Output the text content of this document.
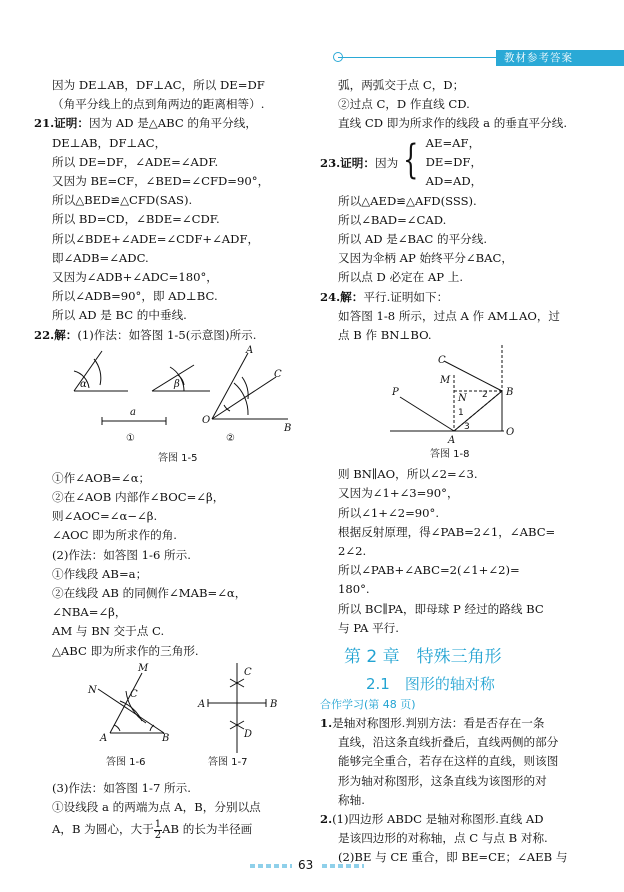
教材参考答案
因为 DE⊥AB，DF⊥AC，所以 DE=DF
（角平分线上的点到角两边的距离相等）.
21.证明：因为 AD 是△ABC 的角平分线，
DE⊥AB，DF⊥AC，
所以 DE=DF，∠ADE=∠ADF.
又因为 BE=CF，∠BED=∠CFD=90°，
所以△BED≌△CFD(SAS).
所以 BD=CD，∠BDE=∠CDF.
所以∠BDE+∠ADE=∠CDF+∠ADF，
即∠ADB=∠ADC.
又因为∠ADB+∠ADC=180°，
所以∠ADB=90°，即 AD⊥BC.
所以 AD 是 BC 的中垂线.
22.解：(1)作法：如答图 1-5(示意图)所示.
α	β
a
A
C
O
B
①	②
答图 1-5
①作∠AOB=∠α；
②在∠AOB 内部作∠BOC=∠β，
则∠AOC=∠α−∠β.
∠AOC 即为所求作的角.
(2)作法：如答图 1-6 所示.
①作线段 AB=a；
②在线段 AB 的同侧作∠MAB=∠α，
∠NBA=∠β，
AM 与 BN 交于点 C.
△ABC 即为所求作的三角形.
M
N	C
A	B
C
A	B
D
答图 1-6	答图 1-7
(3)作法：如答图 1-7 所示.
①设线段 a 的两端为点 A，B，分别以点
A，B 为圆心，大于 $\frac{1}{2}$ AB 的长为半径画
弧，两弧交于点 C，D；
②过点 C，D 作直线 CD.
直线 CD 即为所求作的线段 a 的垂直平分线.
23.证明：因为 { AE=AF，
DE=DF，
AD=AD，
所以△AED≌△AFD(SSS).
所以∠BAD=∠CAD.
所以 AD 是∠BAC 的平分线.
又因为伞柄 AP 始终平分∠BAC，
所以点 D 必定在 AP 上.
24.解：平行.证明如下：
如答图 1-8 所示，过点 A 作 AM⊥AO，过
点 B 作 BN⊥BO.
C
M
P
N
B
A
O
1
2
3
答图 1-8
则 BN∥AO，所以∠2=∠3.
又因为∠1+∠3=90°，
所以∠1+∠2=90°.
根据反射原理，得∠PAB=2∠1，∠ABC=
2∠2.
所以∠PAB+∠ABC=2(∠1+∠2)=
180°.
所以 BC∥PA，即母球 P 经过的路线 BC
与 PA 平行.
第 2 章　特殊三角形
2.1　图形的轴对称
合作学习(第 48 页)
1.是轴对称图形.判别方法：看是否存在一条
直线，沿这条直线折叠后，直线两侧的部分
能够完全重合，若存在这样的直线，则该图
形为轴对称图形，这条直线为该图形的对
称轴.
2.(1)四边形 ABDC 是轴对称图形.直线 AD
是该四边形的对称轴，点 C 与点 B 对称.
(2)BE 与 CE 重合，即 BE=CE；∠AEB 与
63
